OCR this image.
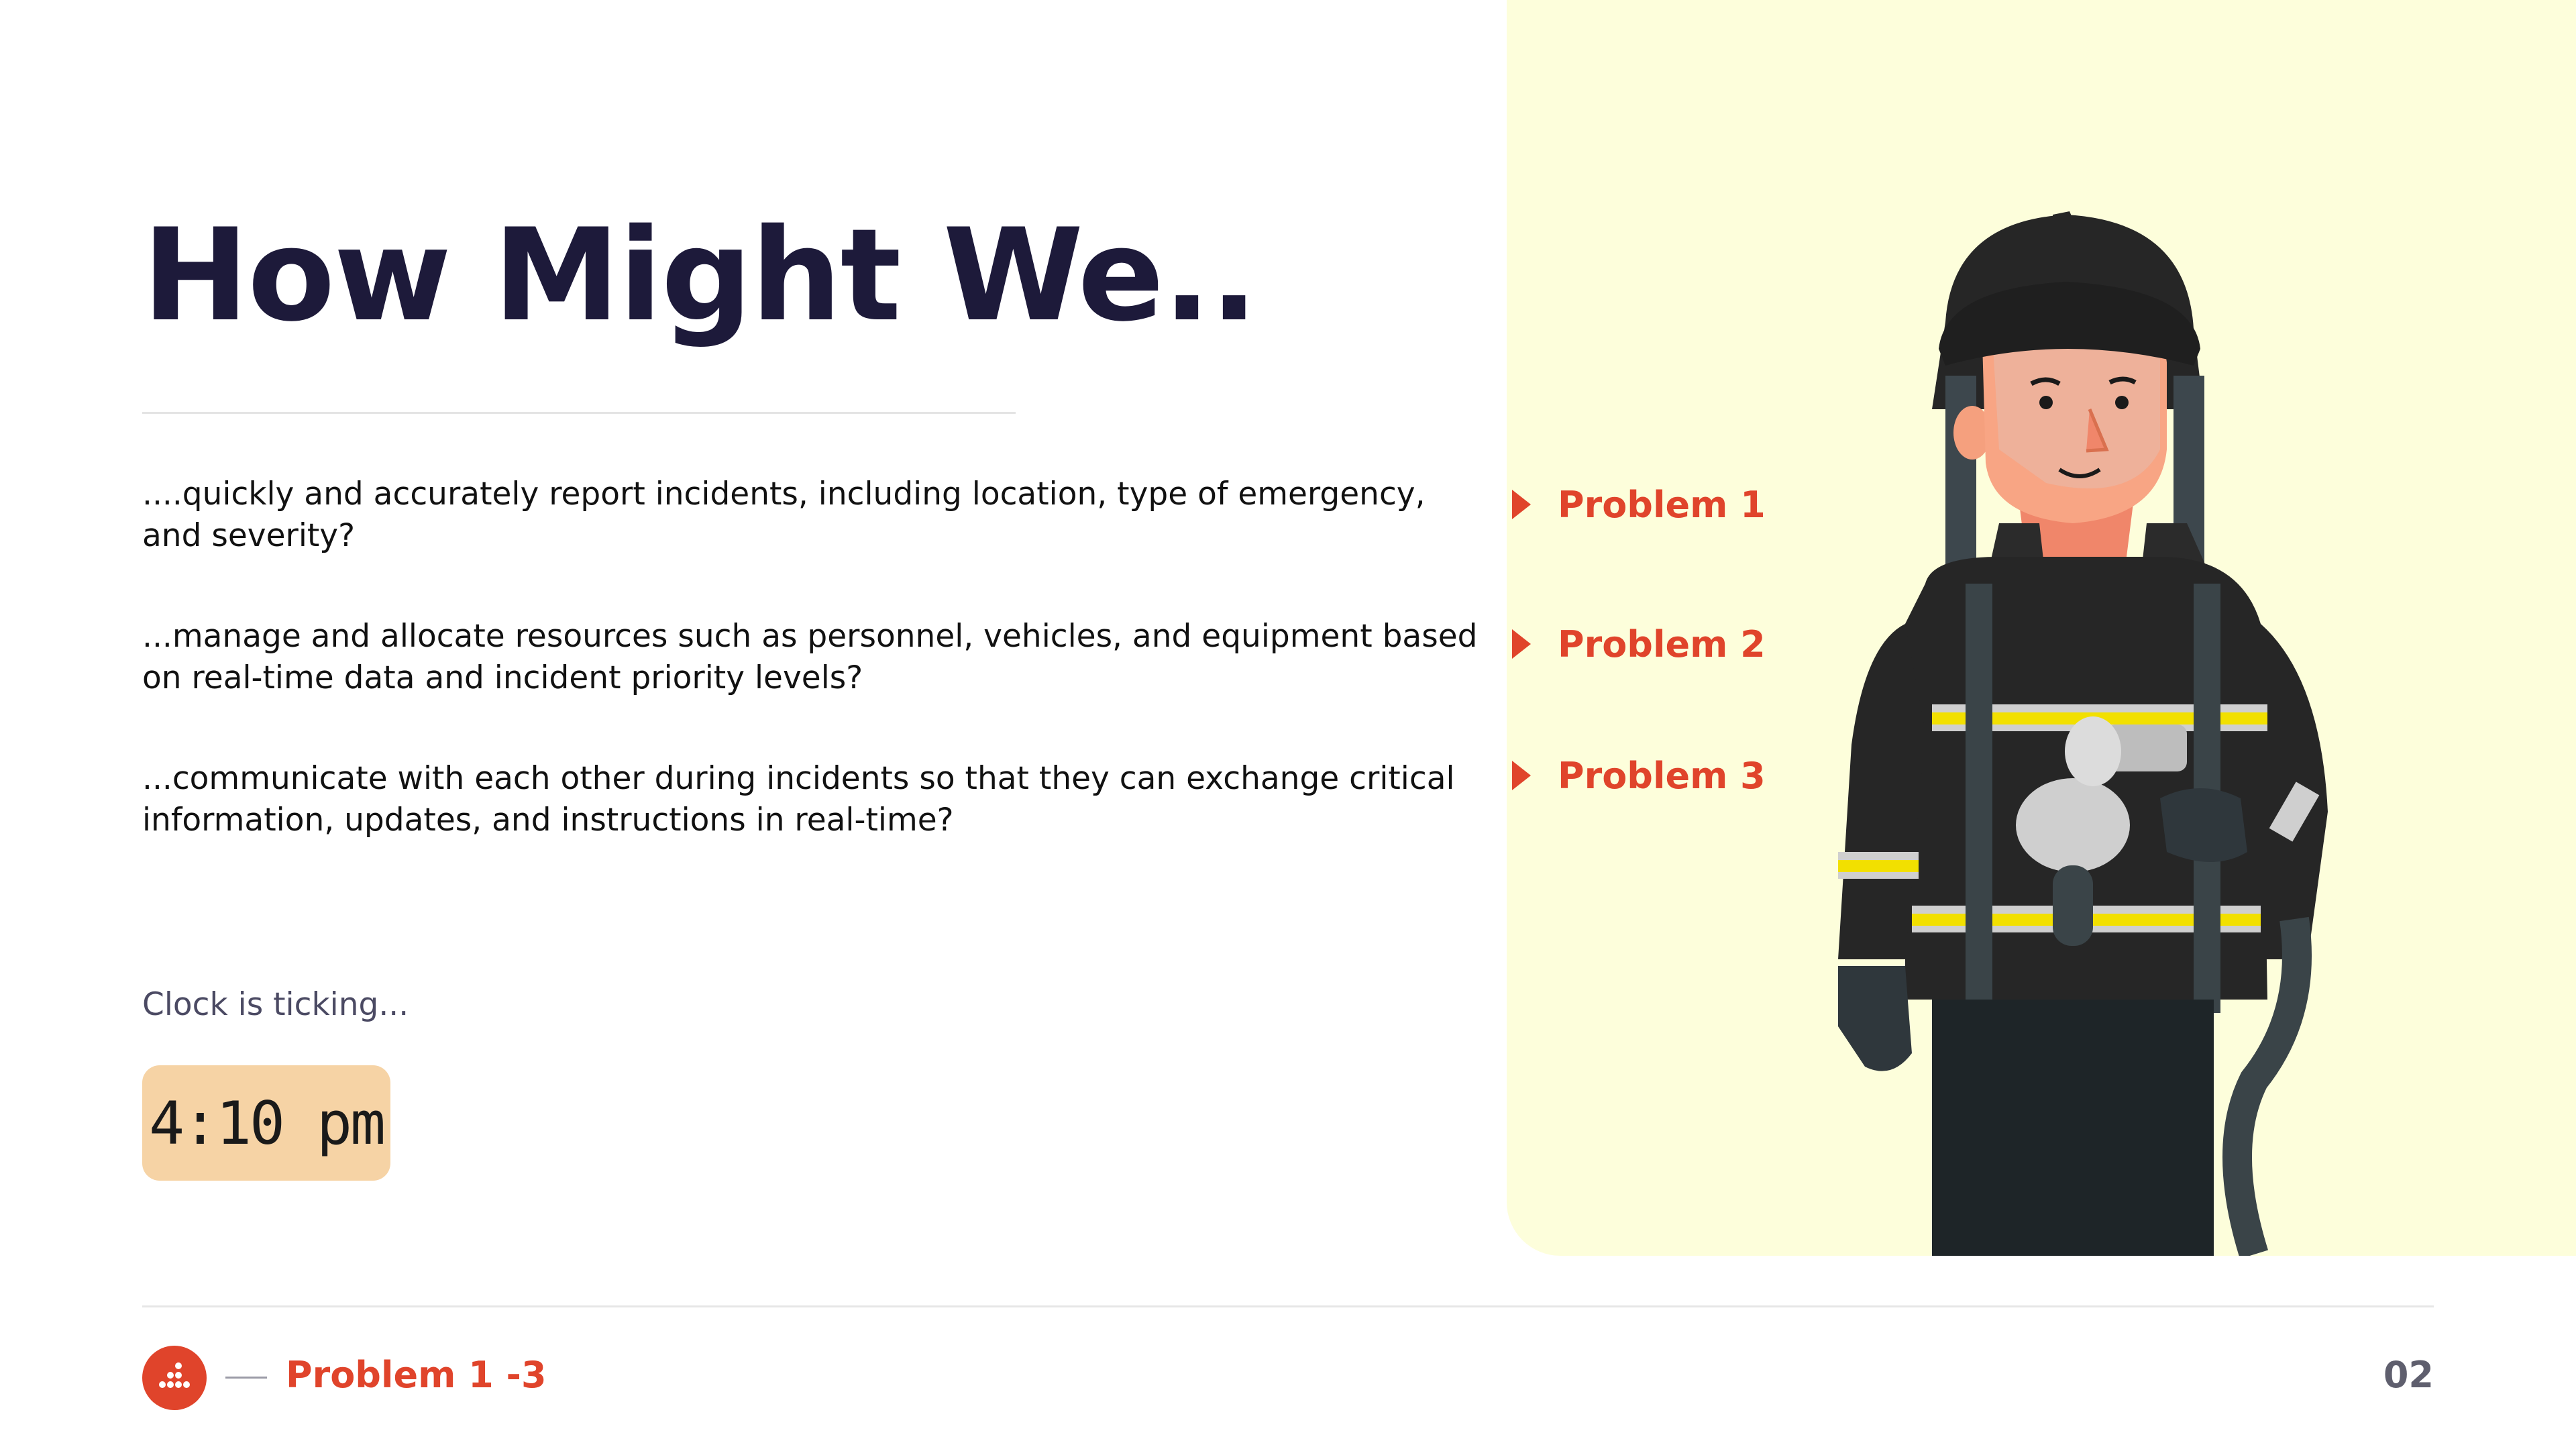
How Might We..

....quickly and accurately report incidents, including location, type of emergency, and severity?

...manage and allocate resources such as personnel, vehicles, and equipment based on real-time data and incident priority levels?

...communicate with each other during incidents so that they can exchange critical information, updates, and instructions in real-time?

Clock is ticking...
4:10 pm
Problem 1
Problem 2
Problem 3
Problem 1 -3	02
